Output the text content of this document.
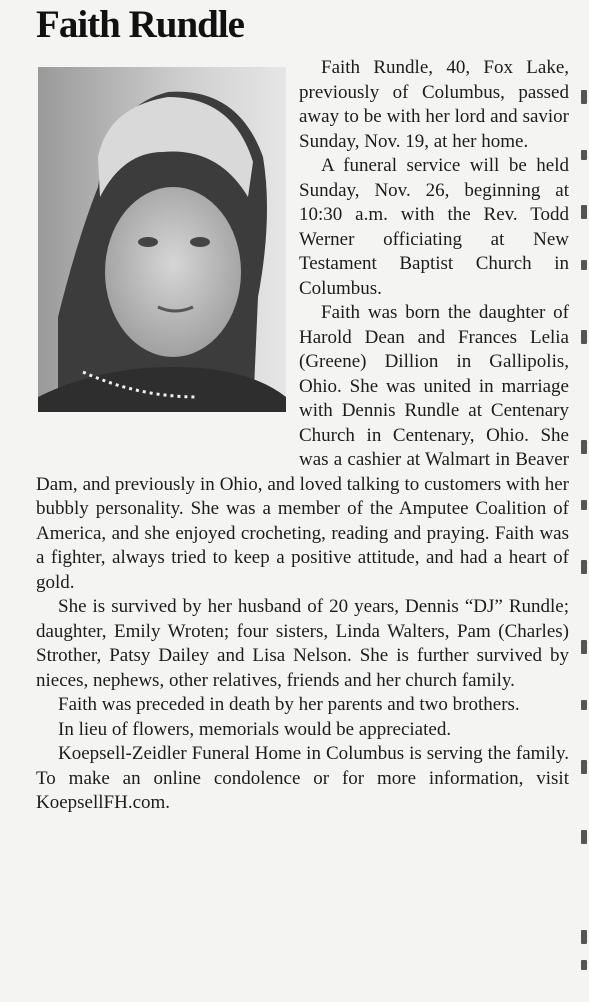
Faith Rundle

Faith Rundle, 40, Fox Lake, previously of Columbus, passed away to be with her lord and savior Sunday, Nov. 19, at her home.

A funeral service will be held Sunday, Nov. 26, beginning at 10:30 a.m. with the Rev. Todd Werner officiating at New Testament Baptist Church in Columbus.

Faith was born the daughter of Harold Dean and Frances Lelia (Greene) Dillion in Gallipolis, Ohio. She was united in marriage with Dennis Rundle at Centenary Church in Centenary, Ohio. She was a cashier at Walmart in Beaver Dam, and previously in Ohio, and loved talking to customers with her bubbly personality. She was a member of the Amputee Coalition of America, and she enjoyed crocheting, reading and praying. Faith was a fighter, always tried to keep a positive attitude, and had a heart of gold.

She is survived by her husband of 20 years, Dennis “DJ” Rundle; daughter, Emily Wroten; four sisters, Linda Walters, Pam (Charles) Strother, Patsy Dailey and Lisa Nelson. She is further survived by nieces, nephews, other relatives, friends and her church family.

Faith was preceded in death by her parents and two brothers.

In lieu of flowers, memorials would be appreciated.

Koepsell-Zeidler Funeral Home in Columbus is serving the family. To make an online condolence or for more information, visit KoepsellFH.com.
